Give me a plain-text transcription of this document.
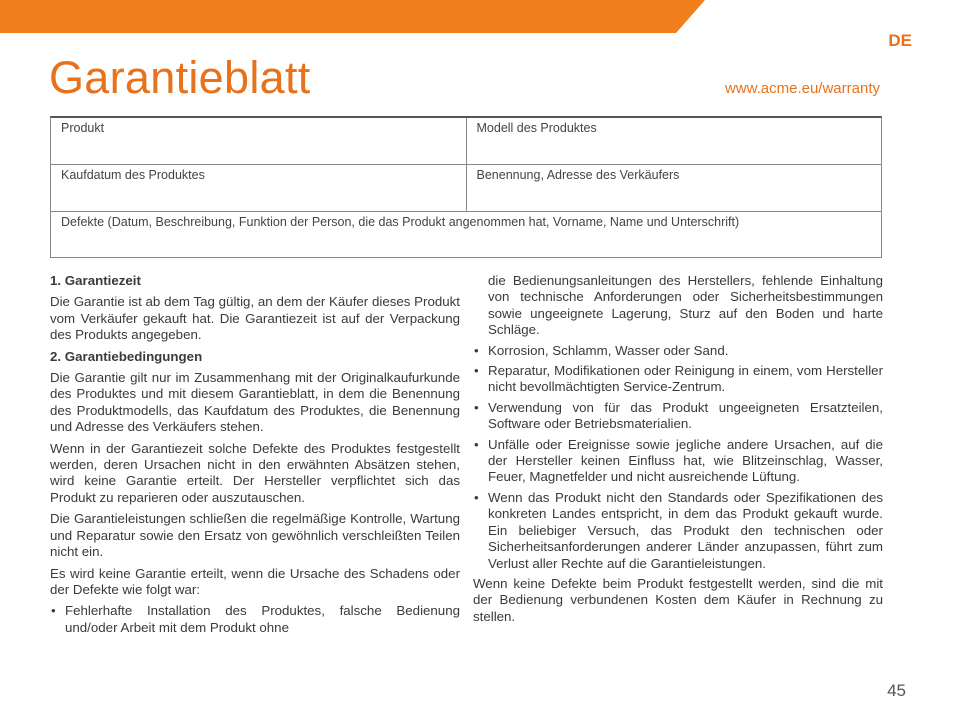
DE
Garantieblatt	www.acme.eu/warranty
Produkt	Modell des Produktes
Kaufdatum des Produktes	Benennung, Adresse des Verkäufers
Defekte (Datum, Beschreibung, Funktion der Person, die das Produkt angenommen hat, Vorname, Name und Unterschrift)
1. Garantiezeit

Die Garantie ist ab dem Tag gültig, an dem der Käufer dieses Produkt vom Verkäufer gekauft hat. Die Garantiezeit ist auf der Verpackung des Produkts angegeben.

2. Garantiebedingungen

Die Garantie gilt nur im Zusammenhang mit der Originalkaufurkunde des Produktes und mit diesem Garantieblatt, in dem die Benennung des Produktmodells, das Kaufdatum des Produktes, die Benennung und Adresse des Verkäufers stehen.

Wenn in der Garantiezeit solche Defekte des Produktes festgestellt werden, deren Ursachen nicht in den erwähnten Absätzen stehen, wird keine Garantie erteilt. Der Hersteller verpflichtet sich das Produkt zu reparieren oder auszutauschen.

Die Garantieleistungen schließen die regelmäßige Kontrolle, Wartung und Reparatur sowie den Ersatz von gewöhnlich verschleißten Teilen nicht ein.

Es wird keine Garantie erteilt, wenn die Ursache des Schadens oder der Defekte wie folgt war:

• Fehlerhafte Installation des Produktes, falsche Bedienung und/oder Arbeit mit dem Produkt ohne
die Bedienungsanleitungen des Herstellers, fehlende Einhaltung von technische Anforderungen oder Sicherheitsbestimmungen sowie ungeeignete Lagerung, Sturz auf den Boden und harte Schläge.
• Korrosion, Schlamm, Wasser oder Sand.
• Reparatur, Modifikationen oder Reinigung in einem, vom Hersteller nicht bevollmächtigten Service-Zentrum.
• Verwendung von für das Produkt ungeeigneten Ersatzteilen, Software oder Betriebsmaterialien.
• Unfälle oder Ereignisse sowie jegliche andere Ursachen, auf die der Hersteller keinen Einfluss hat, wie Blitzeinschlag, Wasser, Feuer, Magnetfelder und nicht ausreichende Lüftung.
• Wenn das Produkt nicht den Standards oder Spezifikationen des konkreten Landes entspricht, in dem das Produkt gekauft wurde. Ein beliebiger Versuch, das Produkt den technischen oder Sicherheitsanforderungen anderer Länder anzupassen, führt zum Verlust aller Rechte auf die Garantieleistungen.

Wenn keine Defekte beim Produkt festgestellt werden, sind die mit der Bedienung verbundenen Kosten dem Käufer in Rechnung zu stellen.

45
